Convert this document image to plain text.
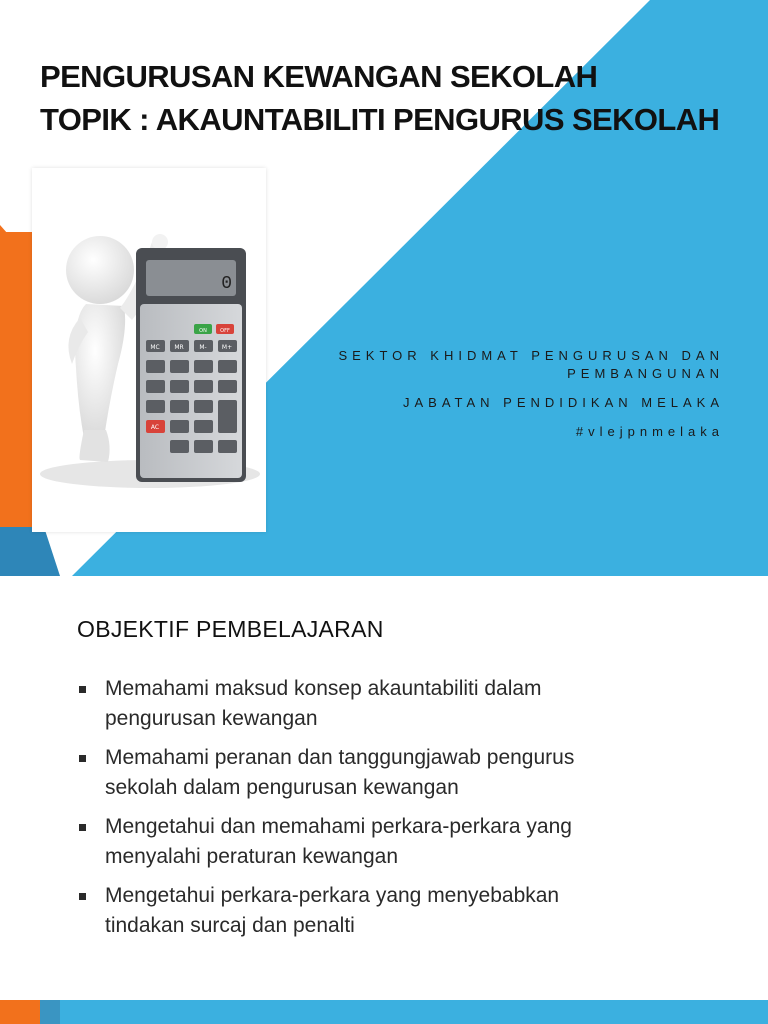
PENGURUSAN KEWANGAN SEKOLAH
TOPIK : AKAUNTABILITI PENGURUS SEKOLAH
0
ON	OFF
MC MR	M-	M+
AC

SEKTOR KHIDMAT PENGURUSAN DAN
PEMBANGUNAN

JABATAN PENDIDIKAN MELAKA

#vlejpnmelaka

OBJEKTIF PEMBELAJARAN
Memahami maksud konsep akauntabiliti dalam
pengurusan kewangan
Memahami peranan dan tanggungjawab pengurus
sekolah dalam pengurusan kewangan
Mengetahui dan memahami perkara-perkara yang
menyalahi peraturan kewangan
Mengetahui perkara-perkara yang menyebabkan
tindakan surcaj dan penalti
